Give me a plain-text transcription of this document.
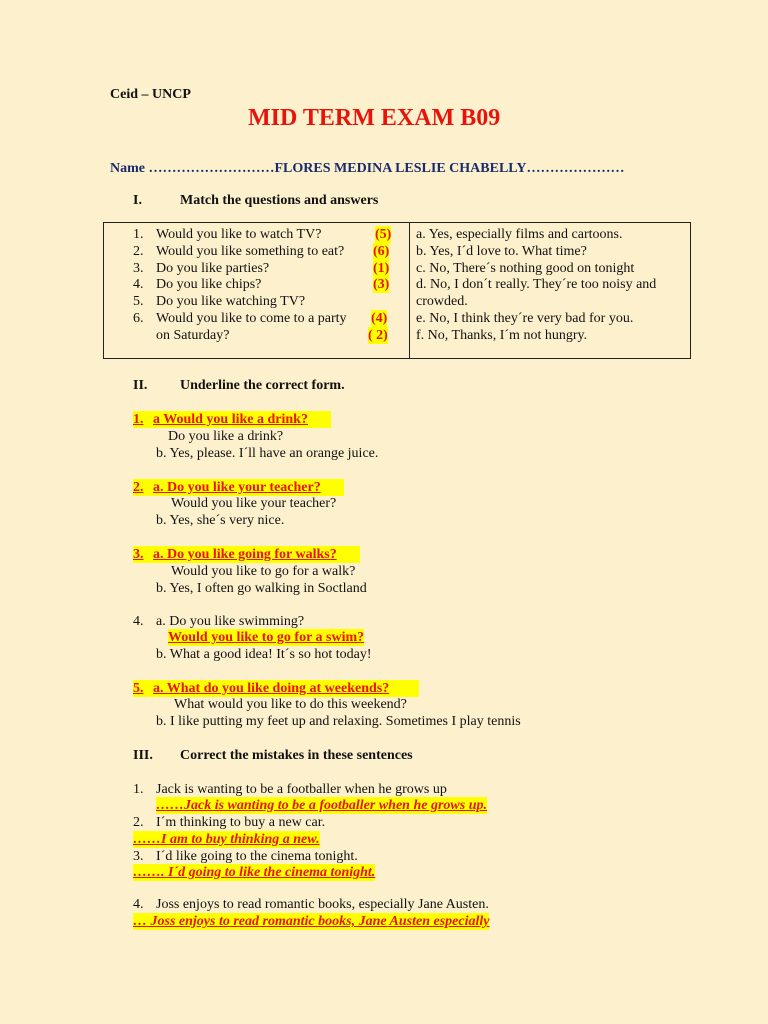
Ceid – UNCP
MID TERM EXAM B09
Name ………………………FLORES MEDINA LESLIE CHABELLY…………………
I.	Match the questions and answers
1. Would you like to watch TV?	(5)
2. Would you like something to eat? (6)
3. Do you like parties?	(1)
4. Do you like chips?	(3)
5. Do you like watching TV?
6. Would you like to come to a party (4)
on Saturday?	( 2)
a. Yes, especially films and cartoons.
b. Yes, I´d love to. What time?
c. No, There´s nothing good on tonight
d. No, I don´t really. They´re too noisy and
crowded.
e. No, I think they´re very bad for you.
f. No, Thanks, I´m not hungry.
II. Underline the correct form.
1. a Would you like a drink?
Do you like a drink?
b. Yes, please. I´ll have an orange juice.
2. a. Do you like your teacher?
Would you like your teacher?
b. Yes, she´s very nice.
3. a. Do you like going for walks?
Would you like to go for a walk?
b. Yes, I often go walking in Soctland
4. a. Do you like swimming?
Would you like to go for a swim?
b. What a good idea! It´s so hot today!
5. a. What do you like doing at weekends?
What would you like to do this weekend?
b. I like putting my feet up and relaxing. Sometimes I play tennis
III. Correct the mistakes in these sentences
1. Jack is wanting to be a footballer when he grows up
……Jack is wanting to be a footballer when he grows up.
2. I´m thinking to buy a new car.
……I am to buy thinking a new.
3. I´d like going to the cinema tonight.
……. I´d going to like the cinema tonight.
4. Joss enjoys to read romantic books, especially Jane Austen.
… Joss enjoys to read romantic books, Jane Austen especially
